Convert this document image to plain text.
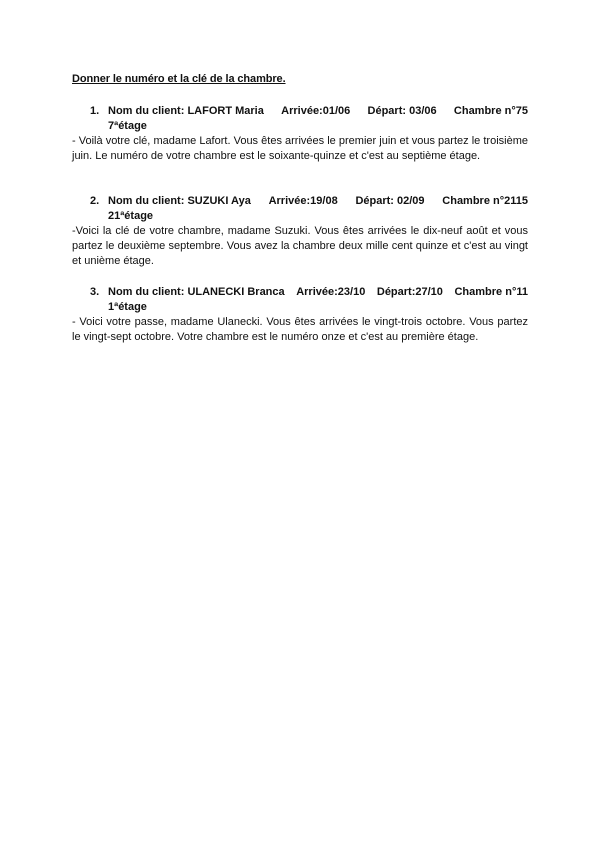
Donner le numéro et la clé de la chambre.
1. Nom du client: LAFORT Maria Arrivée:01/06 Départ: 03/06 Chambre n°75
7ªétage
- Voilà votre clé, madame Lafort. Vous êtes arrivées le premier juin et vous partez le troisième juin. Le numéro de votre chambre est le soixante-quinze et c'est au septième étage.
2. Nom du client: SUZUKI Aya Arrivée:19/08 Départ: 02/09 Chambre n°2115
21ªétage
-Voici la clé de votre chambre, madame Suzuki. Vous êtes arrivées le dix-neuf août et vous partez le deuxième septembre. Vous avez la chambre deux mille cent quinze et c'est au vingt et unième étage.
3. Nom du client: ULANECKI Branca Arrivée:23/10 Départ:27/10 Chambre n°11
1ªétage
- Voici votre passe, madame Ulanecki. Vous êtes arrivées le vingt-trois octobre. Vous partez le vingt-sept octobre. Votre chambre est le numéro onze et c'est au première étage.
